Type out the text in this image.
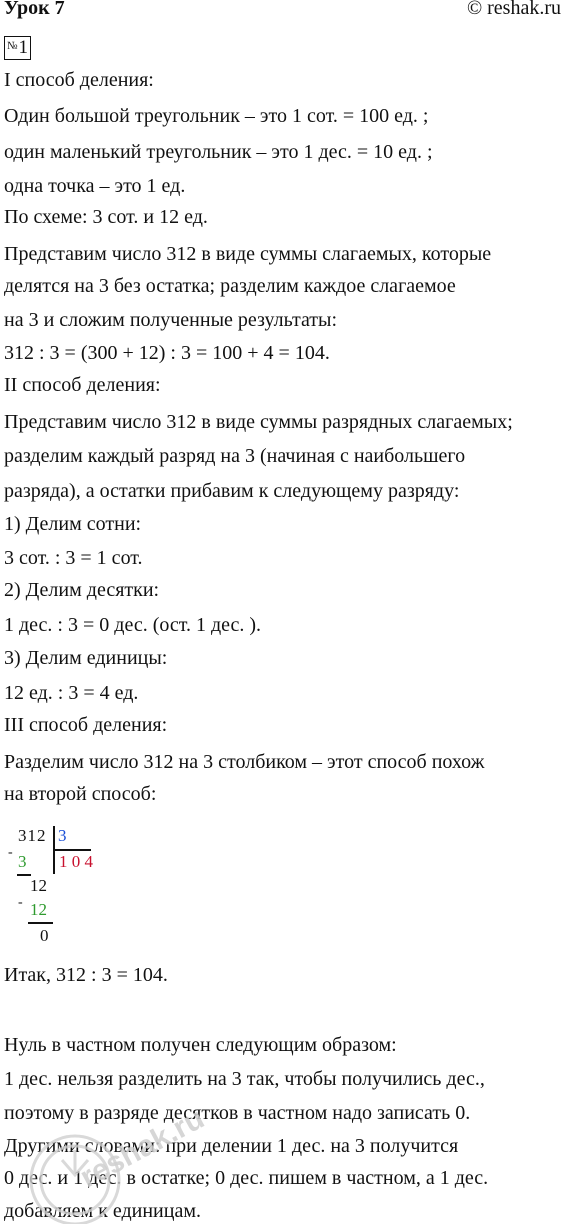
Урок 7	© reshak.ru
№ 1
I способ деления:
Один большой треугольник – это 1 сот. = 100 ед. ;
один маленький треугольник – это 1 дес. = 10 ед. ;
одна точка – это 1 ед.
По схеме: 3 сот. и 12 ед.
Представим число 312 в виде суммы слагаемых, которые
делятся на 3 без остатка; разделим каждое слагаемое
на 3 и сложим полученные результаты:
312 : 3 = (300 + 12) : 3 = 100 + 4 = 104.
II способ деления:
Представим число 312 в виде суммы разрядных слагаемых;
разделим каждый разряд на 3 (начиная с наибольшего
разряда), а остатки прибавим к следующему разряду:
1) Делим сотни:
3 сот. : 3 = 1 сот.
2) Делим десятки:
1 дес. : 3 = 0 дес. (ост. 1 дес. ).
3) Делим единицы:
12 ед. : 3 = 4 ед.
III способ деления:
Разделим число 312 на 3 столбиком – этот способ похож
на второй способ:
312 3
- 3 1 0 4
12
- 12
0
Итак, 312 : 3 = 104.
Нуль в частном получен следующим образом:
1 дес. нельзя разделить на 3 так, чтобы получились дес.,
поэтому в разряде десятков в частном надо записать 0.
Другими словами: при делении 1 дес. на 3 получится
0 дес. и 1 дес. в остатке; 0 дес. пишем в частном, а 1 дес.
добавляем к единицам.
reshak.ru
